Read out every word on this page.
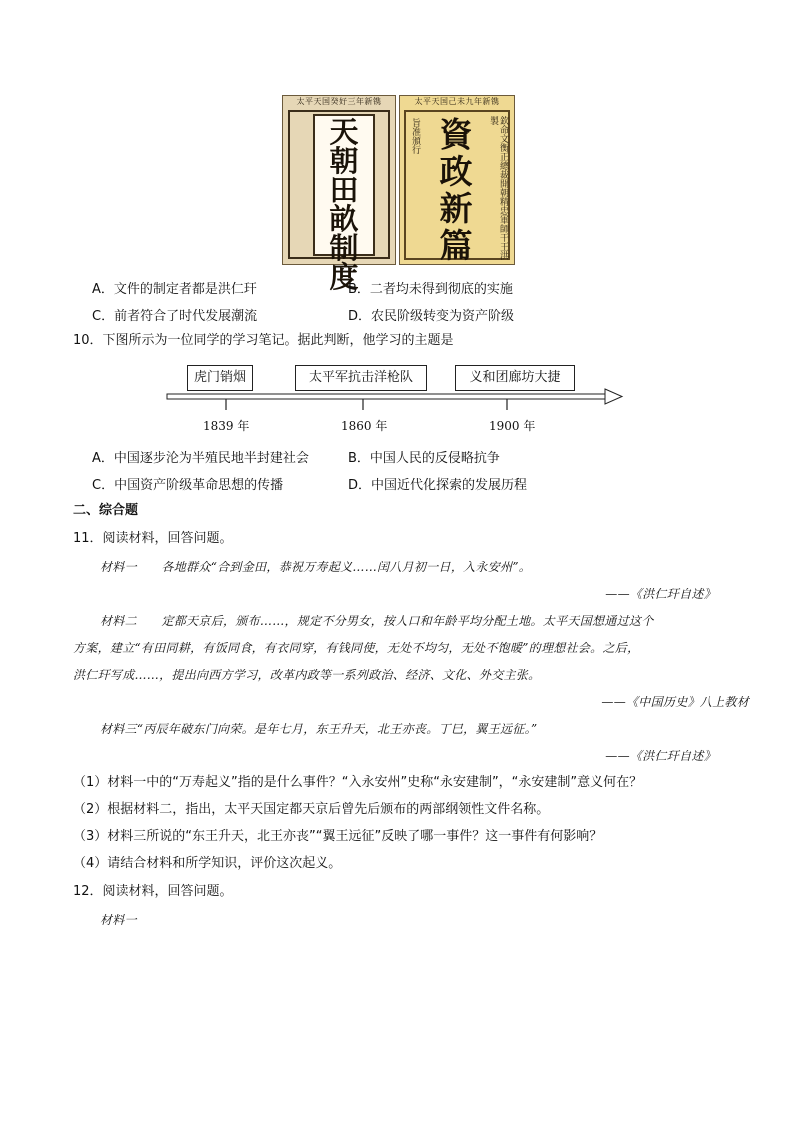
太平天国癸好三年新镌
天
朝
田
畝
制
度
太平天国己未九年新镌
旨准頒行 資
政
新
篇	欽命文衡正總裁開朝精忠軍師干王洪 製
A．文件的制定者都是洪仁玕	B．二者均未得到彻底的实施
C．前者符合了时代发展潮流	D．农民阶级转变为资产阶级
10．下图所示为一位同学的学习笔记。据此判断，他学习的主题是
虎门销烟	太平军抗击洋枪队	义和团廊坊大捷
1839 年	1860 年	1900 年
A．中国逐步沦为半殖民地半封建社会	B．中国人民的反侵略抗争
C．中国资产阶级革命思想的传播	D．中国近代化探索的发展历程
二、综合题
11．阅读材料，回答问题。
材料一　　各地群众“合到金田，恭祝万寿起义……闰八月初一日，入永安州”。
——《洪仁玕自述》
材料二　　定都天京后，颁布……，规定不分男女，按人口和年龄平均分配土地。太平天国想通过这个
方案，建立“有田同耕，有饭同食，有衣同穿，有钱同使，无处不均匀，无处不饱暖”的理想社会。之后，
洪仁玕写成……，提出向西方学习，改革内政等一系列政治、经济、文化、外交主张。
——《中国历史》八上教材
材料三“丙辰年破东门向荣。是年七月，东王升天，北王亦丧。丁巳，翼王远征。”
——《洪仁玕自述》
（1）材料一中的“万寿起义”指的是什么事件？“入永安州”史称“永安建制”，“永安建制”意义何在？
（2）根据材料二，指出，太平天国定都天京后曾先后颁布的两部纲领性文件名称。
（3）材料三所说的“东王升天，北王亦丧”“翼王远征”反映了哪一事件？这一事件有何影响？
（4）请结合材料和所学知识，评价这次起义。
12．阅读材料，回答问题。
材料一
